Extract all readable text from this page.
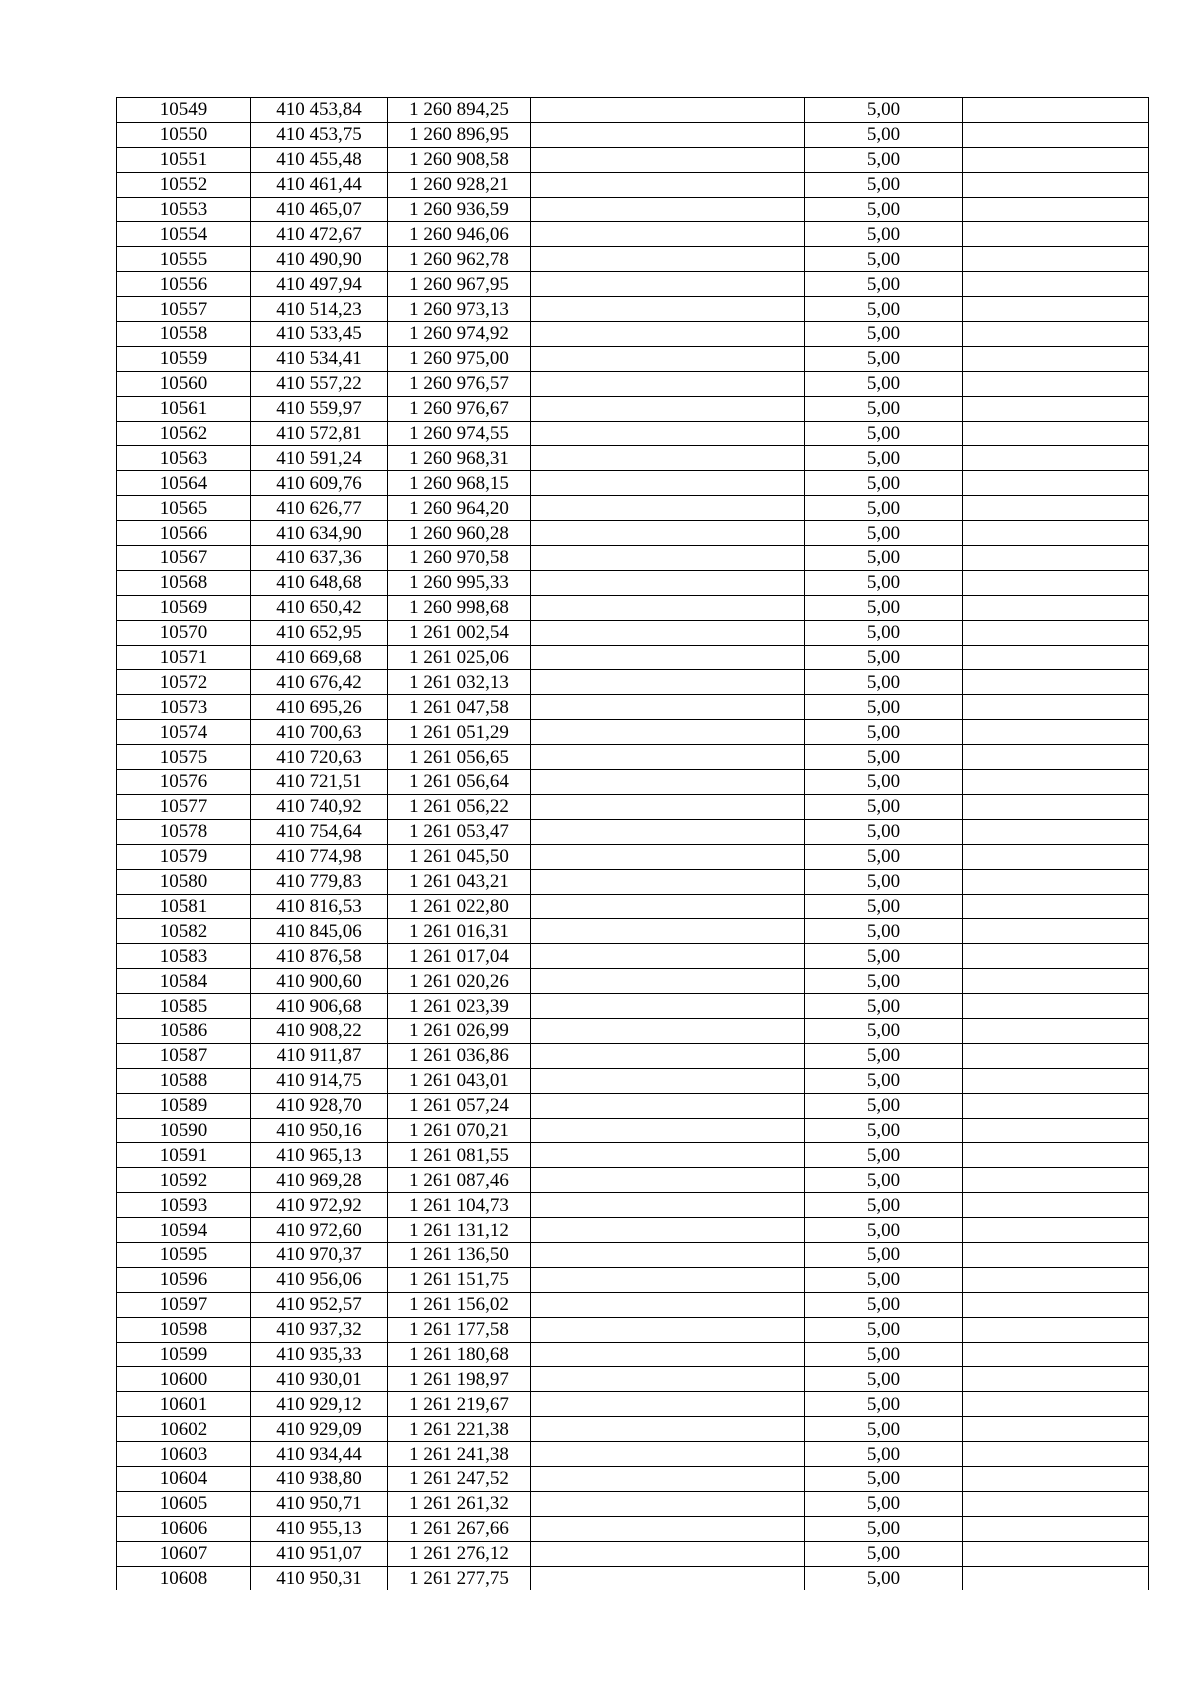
10549	410 453,84	1 260 894,25		5,00	
10550	410 453,75	1 260 896,95		5,00	
10551	410 455,48	1 260 908,58		5,00	
10552	410 461,44	1 260 928,21		5,00	
10553	410 465,07	1 260 936,59		5,00	
10554	410 472,67	1 260 946,06		5,00	
10555	410 490,90	1 260 962,78		5,00	
10556	410 497,94	1 260 967,95		5,00	
10557	410 514,23	1 260 973,13		5,00	
10558	410 533,45	1 260 974,92		5,00	
10559	410 534,41	1 260 975,00		5,00	
10560	410 557,22	1 260 976,57		5,00	
10561	410 559,97	1 260 976,67		5,00	
10562	410 572,81	1 260 974,55		5,00	
10563	410 591,24	1 260 968,31		5,00	
10564	410 609,76	1 260 968,15		5,00	
10565	410 626,77	1 260 964,20		5,00	
10566	410 634,90	1 260 960,28		5,00	
10567	410 637,36	1 260 970,58		5,00	
10568	410 648,68	1 260 995,33		5,00	
10569	410 650,42	1 260 998,68		5,00	
10570	410 652,95	1 261 002,54		5,00	
10571	410 669,68	1 261 025,06		5,00	
10572	410 676,42	1 261 032,13		5,00	
10573	410 695,26	1 261 047,58		5,00	
10574	410 700,63	1 261 051,29		5,00	
10575	410 720,63	1 261 056,65		5,00	
10576	410 721,51	1 261 056,64		5,00	
10577	410 740,92	1 261 056,22		5,00	
10578	410 754,64	1 261 053,47		5,00	
10579	410 774,98	1 261 045,50		5,00	
10580	410 779,83	1 261 043,21		5,00	
10581	410 816,53	1 261 022,80		5,00	
10582	410 845,06	1 261 016,31		5,00	
10583	410 876,58	1 261 017,04		5,00	
10584	410 900,60	1 261 020,26		5,00	
10585	410 906,68	1 261 023,39		5,00	
10586	410 908,22	1 261 026,99		5,00	
10587	410 911,87	1 261 036,86		5,00	
10588	410 914,75	1 261 043,01		5,00	
10589	410 928,70	1 261 057,24		5,00	
10590	410 950,16	1 261 070,21		5,00	
10591	410 965,13	1 261 081,55		5,00	
10592	410 969,28	1 261 087,46		5,00	
10593	410 972,92	1 261 104,73		5,00	
10594	410 972,60	1 261 131,12		5,00	
10595	410 970,37	1 261 136,50		5,00	
10596	410 956,06	1 261 151,75		5,00	
10597	410 952,57	1 261 156,02		5,00	
10598	410 937,32	1 261 177,58		5,00	
10599	410 935,33	1 261 180,68		5,00	
10600	410 930,01	1 261 198,97		5,00	
10601	410 929,12	1 261 219,67		5,00	
10602	410 929,09	1 261 221,38		5,00	
10603	410 934,44	1 261 241,38		5,00	
10604	410 938,80	1 261 247,52		5,00	
10605	410 950,71	1 261 261,32		5,00	
10606	410 955,13	1 261 267,66		5,00	
10607	410 951,07	1 261 276,12		5,00	
10608	410 950,31	1 261 277,75		5,00	
